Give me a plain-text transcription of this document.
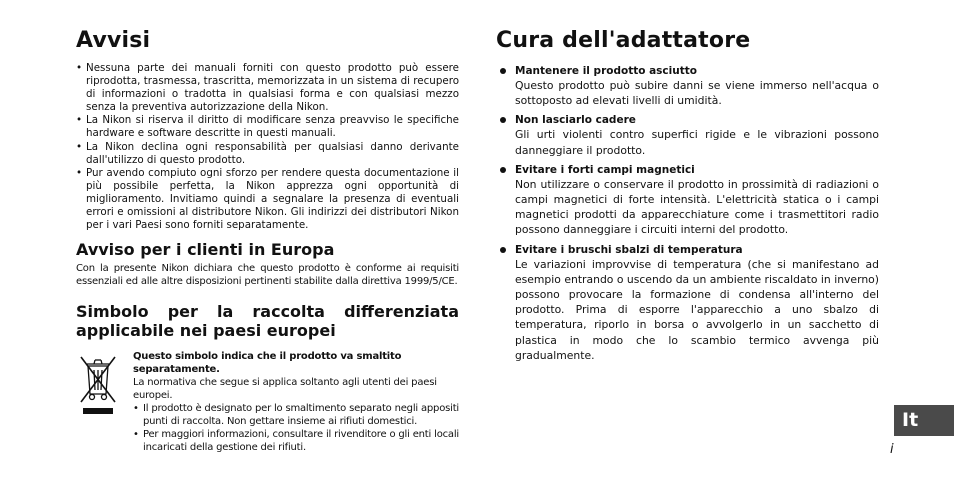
Avvisi
• Nessuna parte dei manuali forniti con questo prodotto può essere riprodotta, trasmessa, trascritta, memorizzata in un sistema di recupero di informazioni o tradotta in qualsiasi forma e con qualsiasi mezzo senza la preventiva autorizzazione della Nikon.
• La Nikon si riserva il diritto di modificare senza preavviso le specifiche hardware e software descritte in questi manuali.
• La Nikon declina ogni responsabilità per qualsiasi danno derivante dall'utilizzo di questo prodotto.
• Pur avendo compiuto ogni sforzo per rendere questa documentazione il più possibile perfetta, la Nikon apprezza ogni opportunità di miglioramento. Invitiamo quindi a segnalare la presenza di eventuali errori e omissioni al distributore Nikon. Gli indirizzi dei distributori Nikon per i vari Paesi sono forniti separatamente.
Avviso per i clienti in Europa
Con la presente Nikon dichiara che questo prodotto è conforme ai requisiti essenziali ed alle altre disposizioni pertinenti stabilite dalla direttiva 1999/5/CE.
Simbolo per la raccolta differenziata applicabile nei paesi europei
Questo simbolo indica che il prodotto va smaltito separatamente.
La normativa che segue si applica soltanto agli utenti dei paesi europei.
• Il prodotto è designato per lo smaltimento separato negli appositi punti di raccolta. Non gettare insieme ai rifiuti domestici.
• Per maggiori informazioni, consultare il rivenditore o gli enti locali incaricati della gestione dei rifiuti.
Cura dell'adattatore
Mantenere il prodotto asciutto
Questo prodotto può subire danni se viene immerso nell'acqua o sottoposto ad elevati livelli di umidità.
Non lasciarlo cadere
Gli urti violenti contro superfici rigide e le vibrazioni possono danneggiare il prodotto.
Evitare i forti campi magnetici
Non utilizzare o conservare il prodotto in prossimità di radiazioni o campi magnetici di forte intensità. L'elettricità statica o i campi magnetici prodotti da apparecchiature come i trasmettitori radio possono danneggiare i circuiti interni del prodotto.
Evitare i bruschi sbalzi di temperatura
Le variazioni improvvise di temperatura (che si manifestano ad esempio entrando o uscendo da un ambiente riscaldato in inverno) possono provocare la formazione di condensa all'interno del prodotto. Prima di esporre l'apparecchio a uno sbalzo di temperatura, riporlo in borsa o avvolgerlo in un sacchetto di plastica in modo che lo scambio termico avvenga più gradualmente.
It
i
